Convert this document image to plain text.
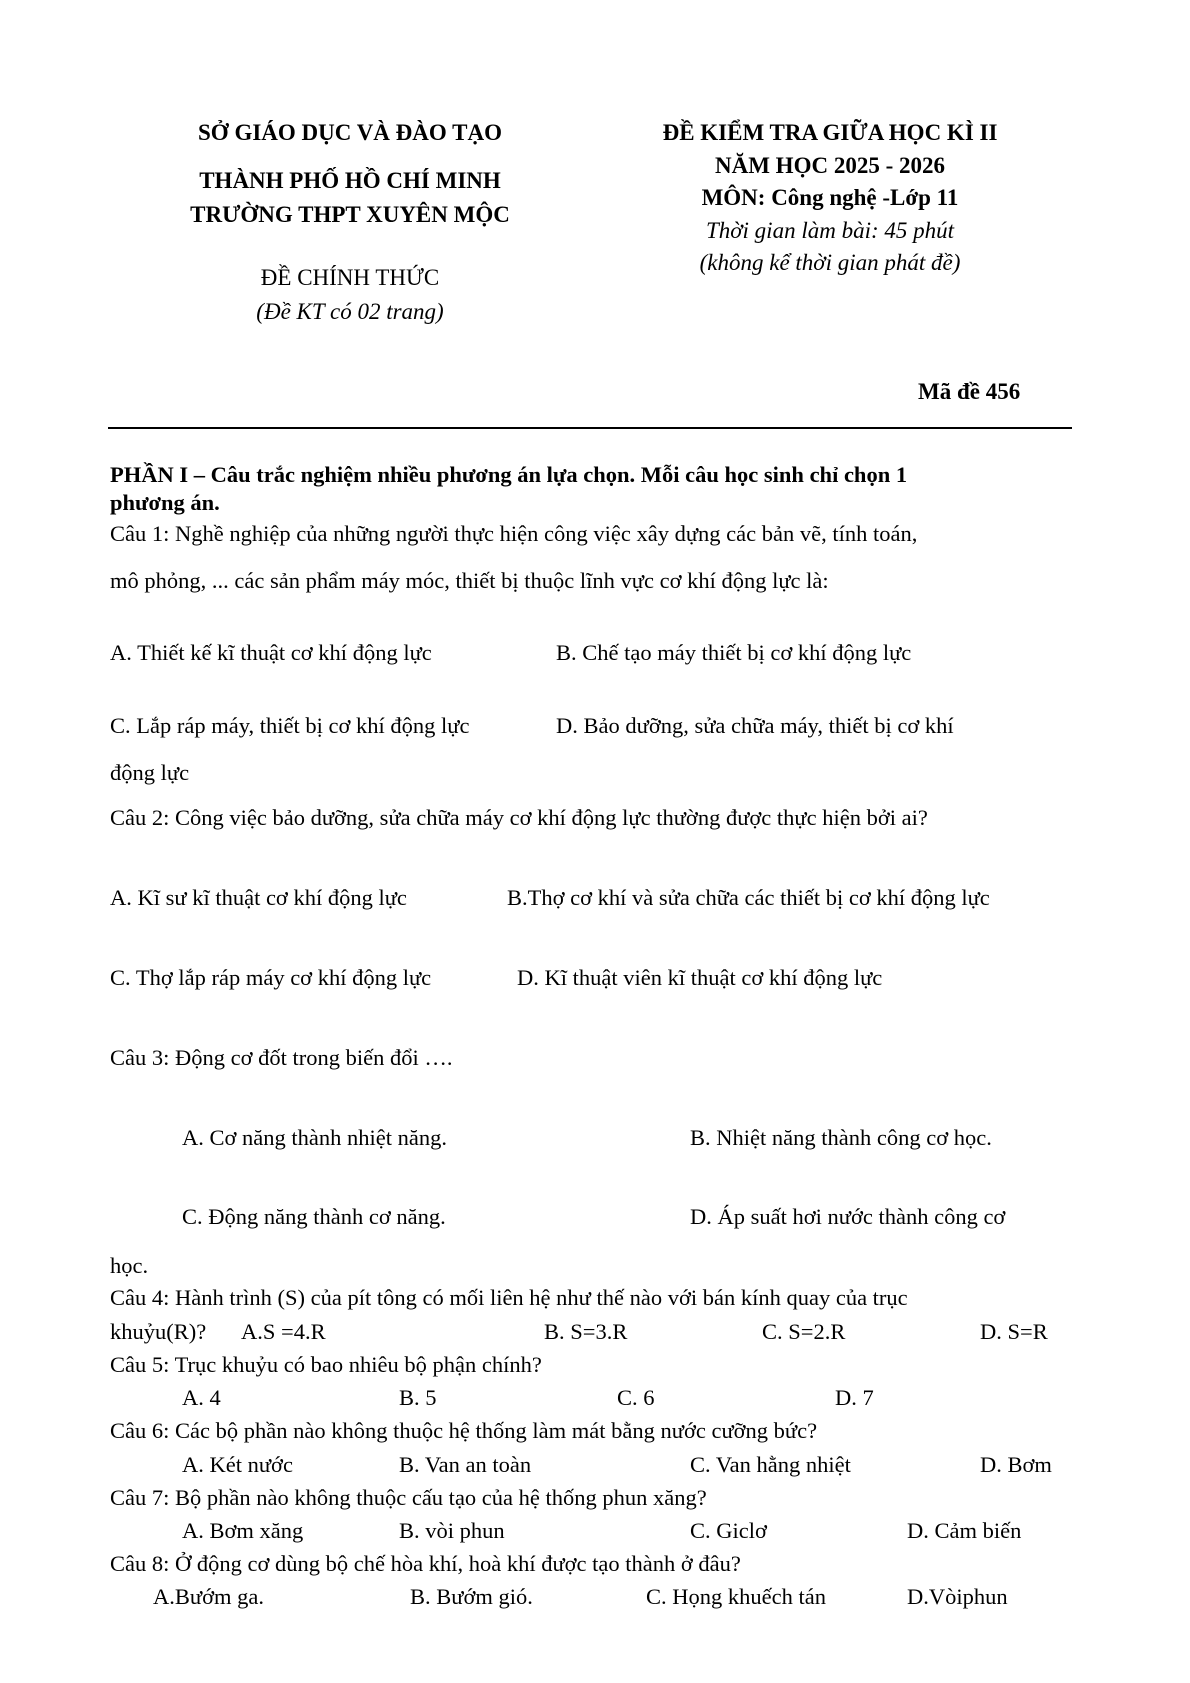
SỞ GIÁO DỤC VÀ ĐÀO TẠO
THÀNH PHỐ HỒ CHÍ MINH
TRƯỜNG THPT XUYÊN MỘC
ĐỀ CHÍNH THỨC
(Đề KT có 02 trang)
ĐỀ KIỂM TRA GIỮA HỌC KÌ II
NĂM HỌC 2025 - 2026
MÔN: Công nghệ -Lớp 11
Thời gian làm bài: 45 phút
(không kể thời gian phát đề)
Mã đề 456
PHẦN I – Câu trắc nghiệm nhiều phương án lựa chọn. Mỗi câu học sinh chỉ chọn 1
phương án.
Câu 1: Nghề nghiệp của những người thực hiện công việc xây dựng các bản vẽ, tính toán,
mô phỏng, ... các sản phẩm máy móc, thiết bị thuộc lĩnh vực cơ khí động lực là:
A. Thiết kế kĩ thuật cơ khí động lực	B. Chế tạo máy thiết bị cơ khí động lực
C. Lắp ráp máy, thiết bị cơ khí động lực	D. Bảo dưỡng, sửa chữa máy, thiết bị cơ khí
động lực
Câu 2: Công việc bảo dưỡng, sửa chữa máy cơ khí động lực thường được thực hiện bởi ai?
A. Kĩ sư kĩ thuật cơ khí động lực	B.Thợ cơ khí và sửa chữa các thiết bị cơ khí động lực
C. Thợ lắp ráp máy cơ khí động lực	D. Kĩ thuật viên kĩ thuật cơ khí động lực
Câu 3: Động cơ đốt trong biến đổi ….
A. Cơ năng thành nhiệt năng.	B. Nhiệt năng thành công cơ học.
C. Động năng thành cơ năng.	D. Áp suất hơi nước thành công cơ
học.
Câu 4: Hành trình (S) của pít tông có mối liên hệ như thế nào với bán kính quay của trục
khuỷu(R)? A.S =4.R	B. S=3.R	C. S=2.R	D. S=R
Câu 5: Trục khuỷu có bao nhiêu bộ phận chính?
A. 4	B. 5	C. 6	D. 7
Câu 6: Các bộ phần nào không thuộc hệ thống làm mát bằng nước cưỡng bức?
A. Két nước	B. Van an toàn	C. Van hằng nhiệt	D. Bơm
Câu 7: Bộ phần nào không thuộc cấu tạo của hệ thống phun xăng?
A. Bơm xăng	B. vòi phun	C. Giclơ	D. Cảm biến
Câu 8: Ở động cơ dùng bộ chế hòa khí, hoà khí được tạo thành ở đâu?
A.Bướm ga.	B. Bướm gió.	C. Họng khuếch tán	D.Vòiphun
